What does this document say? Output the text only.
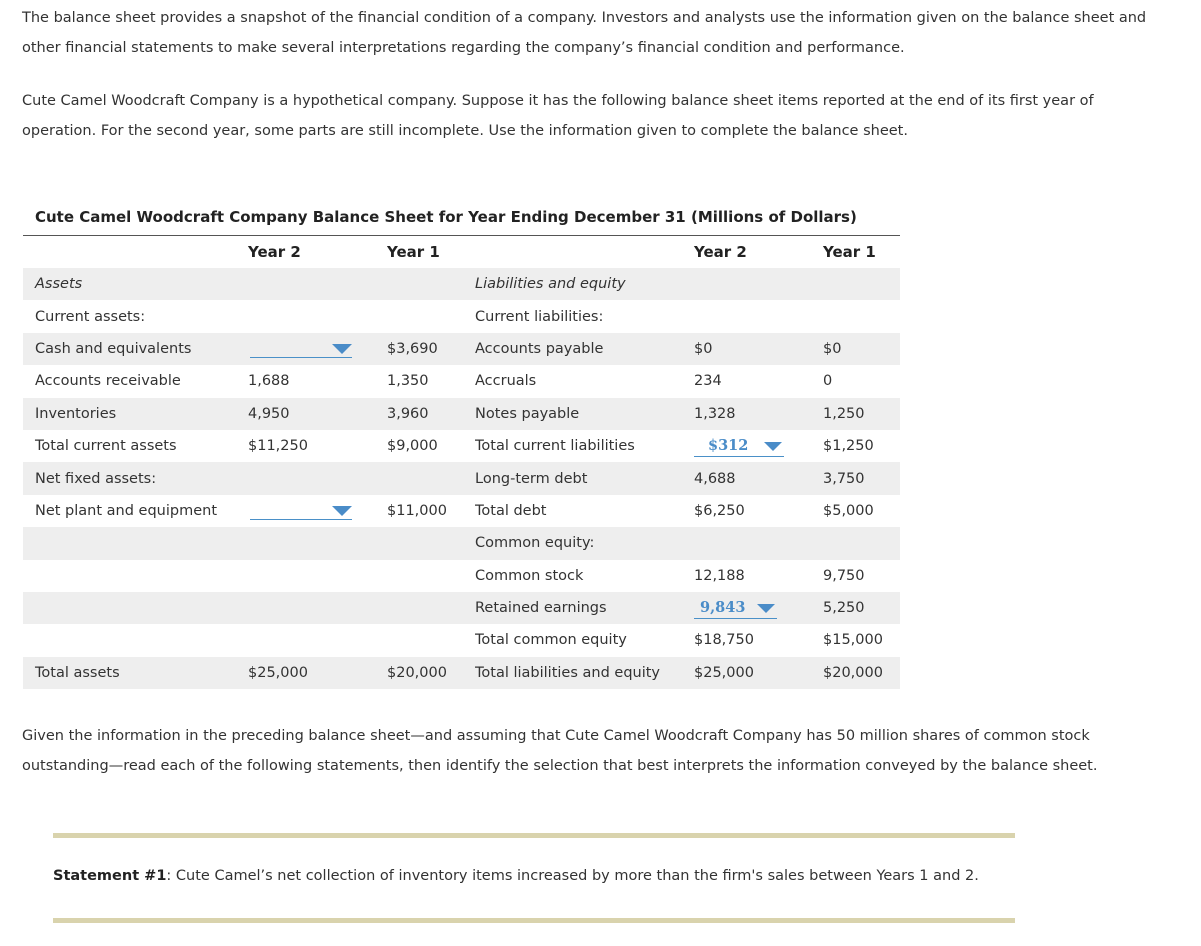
The balance sheet provides a snapshot of the financial condition of a company. Investors and analysts use the information given on the balance sheet and other financial statements to make several interpretations regarding the company’s financial condition and performance.

Cute Camel Woodcraft Company is a hypothetical company. Suppose it has the following balance sheet items reported at the end of its first year of operation. For the second year, some parts are still incomplete. Use the information given to complete the balance sheet.

Cute Camel Woodcraft Company Balance Sheet for Year Ending December 31 (Millions of Dollars)
	Year 2	Year 1		Year 2	Year 1
Assets			Liabilities and equity		
Current assets:			Current liabilities:		
Cash and equivalents		$3,690	Accounts payable	$0	$0
Accounts receivable	1,688	1,350	Accruals	234	0
Inventories	4,950	3,960	Notes payable	1,328	1,250
Total current assets	$11,250	$9,000	Total current liabilities	$312	$1,250
Net fixed assets:			Long-term debt	4,688	3,750
Net plant and equipment		$11,000	Total debt	$6,250	$5,000
			Common equity:		
			Common stock	12,188	9,750
			Retained earnings	9,843	5,250
			Total common equity	$18,750	$15,000
Total assets	$25,000	$20,000	Total liabilities and equity	$25,000	$20,000

Given the information in the preceding balance sheet—and assuming that Cute Camel Woodcraft Company has 50 million shares of common stock outstanding—read each of the following statements, then identify the selection that best interprets the information conveyed by the balance sheet.

Statement #1: Cute Camel’s net collection of inventory items increased by more than the firm's sales between Years 1 and 2.
